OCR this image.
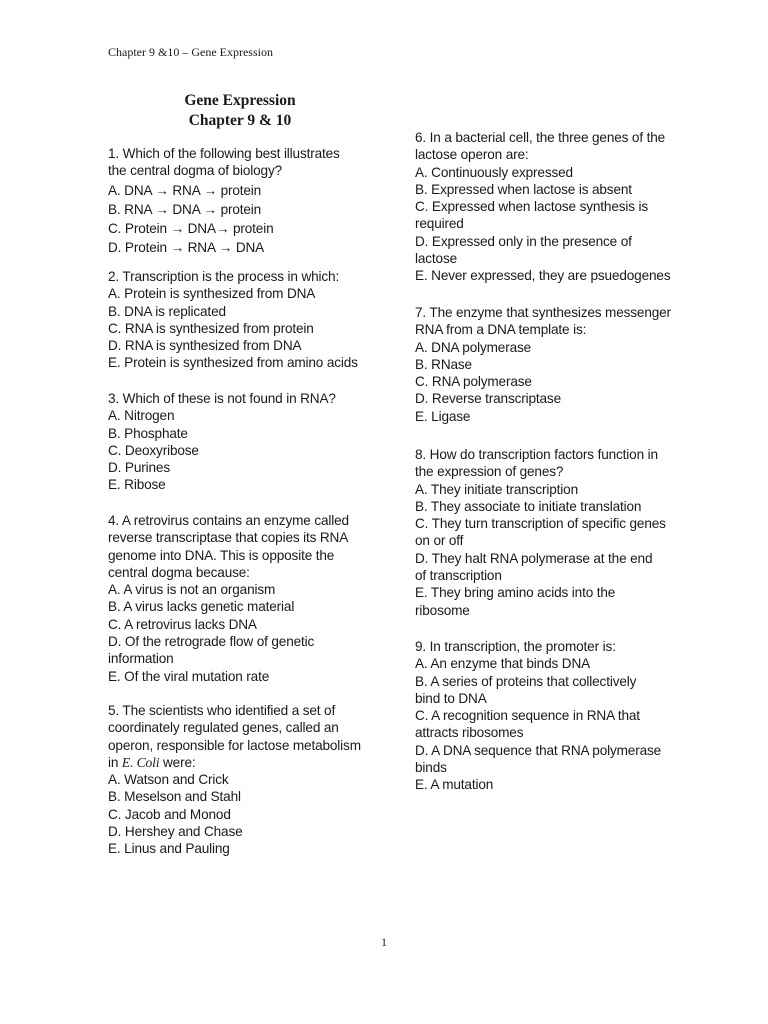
Chapter 9 &10 – Gene Expression
Gene Expression
Chapter 9 & 10
1. Which of the following best illustrates
the central dogma of biology?
A. DNA → RNA → protein
B. RNA → DNA → protein
C. Protein → DNA→ protein
D. Protein → RNA → DNA
2. Transcription is the process in which:
A. Protein is synthesized from DNA
B. DNA is replicated
C. RNA is synthesized from protein
D. RNA is synthesized from DNA
E. Protein is synthesized from amino acids
3. Which of these is not found in RNA?
A. Nitrogen
B. Phosphate
C. Deoxyribose
D. Purines
E. Ribose
4. A retrovirus contains an enzyme called
reverse transcriptase that copies its RNA
genome into DNA. This is opposite the
central dogma because:
A. A virus is not an organism
B. A virus lacks genetic material
C. A retrovirus lacks DNA
D. Of the retrograde flow of genetic
information
E. Of the viral mutation rate
5. The scientists who identified a set of
coordinately regulated genes, called an
operon, responsible for lactose metabolism
in E. Coli were:
A. Watson and Crick
B. Meselson and Stahl
C. Jacob and Monod
D. Hershey and Chase
E. Linus and Pauling
6. In a bacterial cell, the three genes of the
lactose operon are:
A. Continuously expressed
B. Expressed when lactose is absent
C. Expressed when lactose synthesis is
required
D. Expressed only in the presence of
lactose
E. Never expressed, they are psuedogenes
7. The enzyme that synthesizes messenger
RNA from a DNA template is:
A. DNA polymerase
B. RNase
C. RNA polymerase
D. Reverse transcriptase
E. Ligase
8. How do transcription factors function in
the expression of genes?
A. They initiate transcription
B. They associate to initiate translation
C. They turn transcription of specific genes
on or off
D. They halt RNA polymerase at the end
of transcription
E. They bring amino acids into the
ribosome
9. In transcription, the promoter is:
A. An enzyme that binds DNA
B. A series of proteins that collectively
bind to DNA
C. A recognition sequence in RNA that
attracts ribosomes
D. A DNA sequence that RNA polymerase
binds
E. A mutation
1
